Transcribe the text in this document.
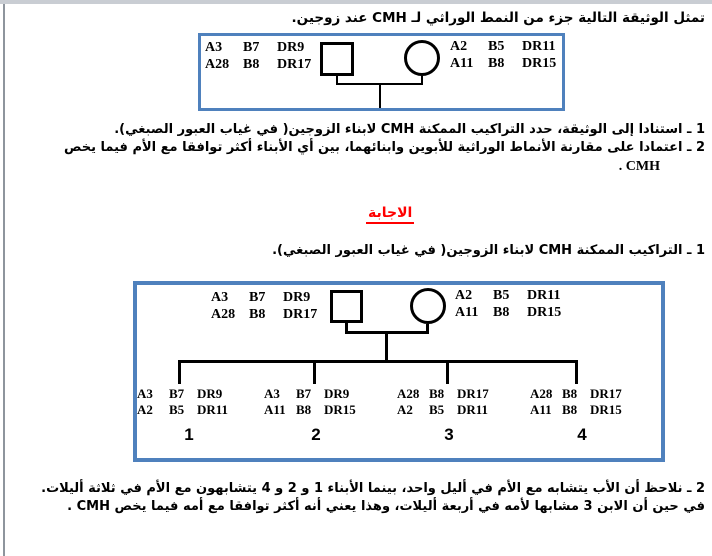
تمثل الوثيقة التالية جزء من النمط الوراثي لـ CMH عند زوجين.
A3	B7	DR9
A28 B8	DR17
A2	B5	DR11
A11	B8	DR15
1 ـ استنادا إلى الوثيقة، حدد التراكيب الممكنة CMH لابناء الزوجين( في غياب العبور الصبغي).
2 ـ اعتمادا على مقارنة الأنماط الوراثية للأبوين وابنائهما، بين أي الأبناء أكثر توافقا مع الأم فيما يخص
. CMH
الاجابة
1 ـ التراكيب الممكنة CMH لابناء الزوجين( في غياب العبور الصبغي).
A3	B7	DR9
A28 B8	DR17
A2	B5	DR11
A11	B8	DR15
A3	B7 DR9
A2	B5 DR11
1
A3	B7 DR9
A11 B8 DR15
2
A28 B8 DR17
A2	B5 DR11
3
A28 B8 DR17
A11 B8 DR15
4
2 ـ نلاحظ أن الأب يتشابه مع الأم في أليل واحد، بينما الأبناء 1 و 2 و 4 يتشابهون مع الأم في ثلاثة أليلات.
في حين أن الابن 3 مشابها لأمه في أربعة أليلات، وهذا يعني أنه أكثر توافقا مع أمه فيما يخص CMH .
